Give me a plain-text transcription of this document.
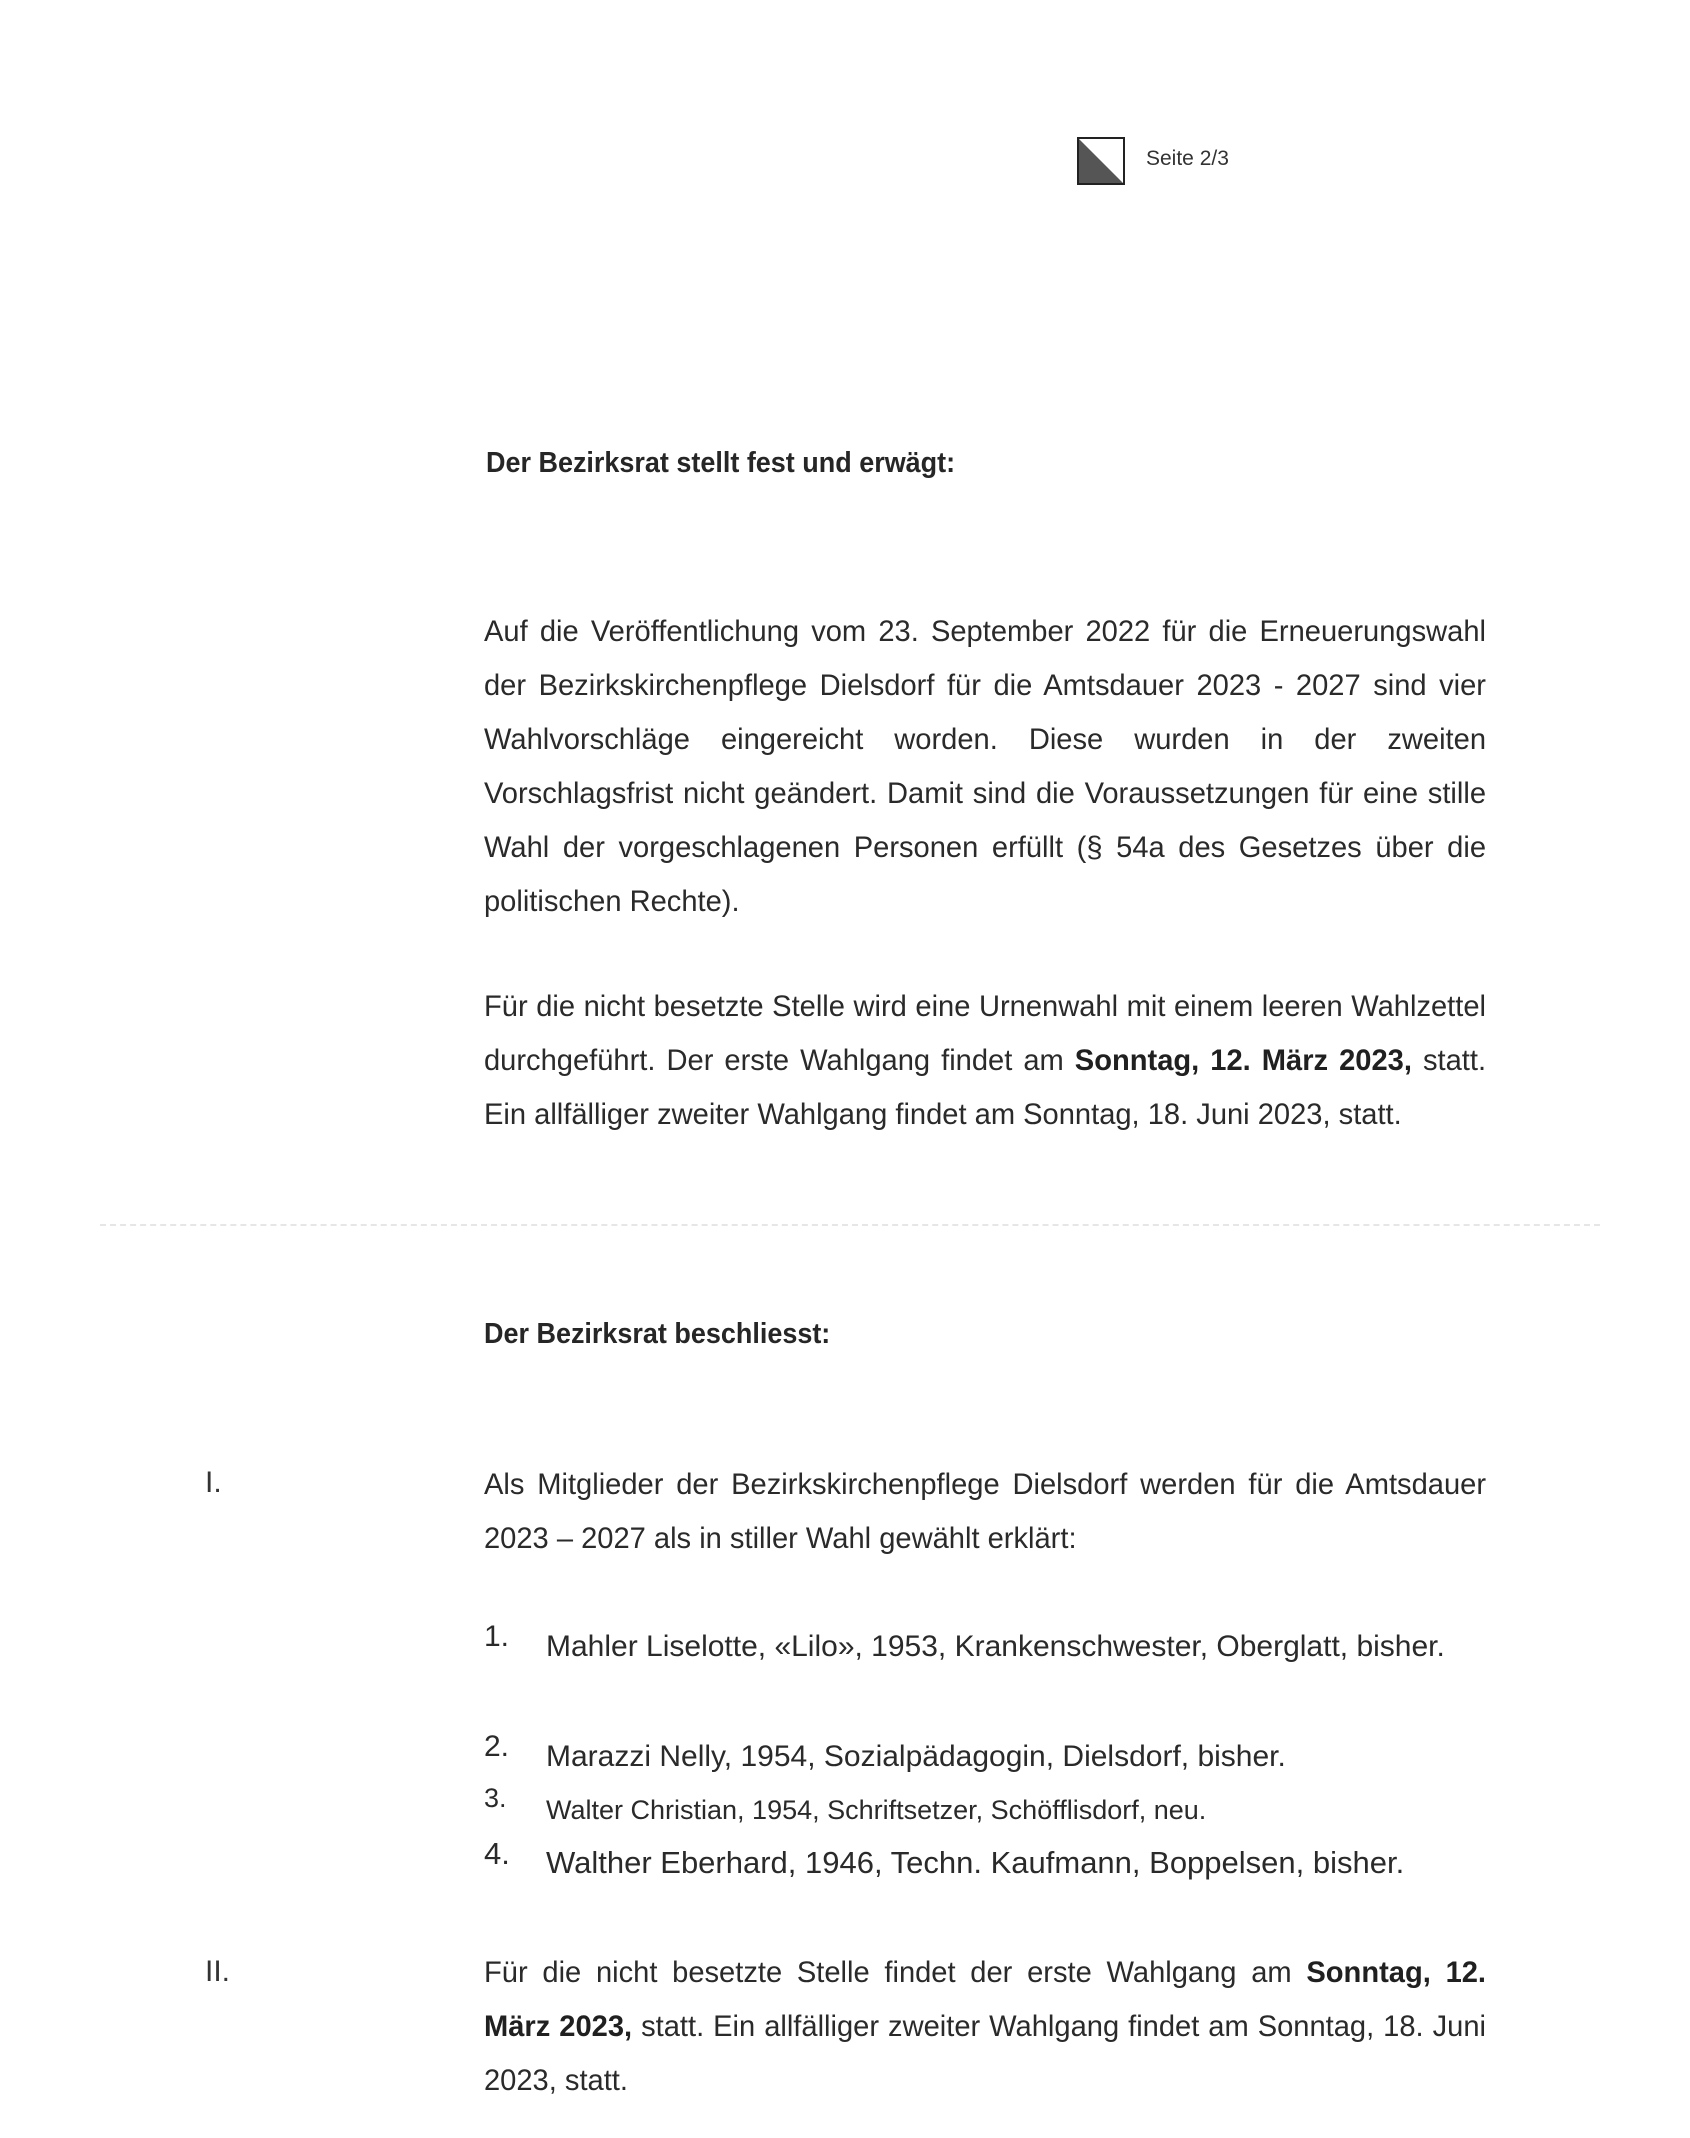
Seite 2/3
Der Bezirksrat stellt fest und erwägt:
Auf die Veröffentlichung vom 23. September 2022 für die Erneuerungswahl der Bezirkskirchenpflege Dielsdorf für die Amtsdauer 2023 - 2027 sind vier Wahlvorschläge eingereicht worden. Diese wurden in der zweiten Vorschlagsfrist nicht geändert. Damit sind die Voraussetzungen für eine stille Wahl der vorgeschlagenen Personen erfüllt (§ 54a des Gesetzes über die politischen Rechte).
Für die nicht besetzte Stelle wird eine Urnenwahl mit einem leeren Wahlzettel durchgeführt. Der erste Wahlgang findet am Sonntag, 12. März 2023, statt. Ein allfälliger zweiter Wahlgang findet am Sonntag, 18. Juni 2023, statt.
Der Bezirksrat beschliesst:
I.	Als Mitglieder der Bezirkskirchenpflege Dielsdorf werden für die Amtsdauer 2023 – 2027 als in stiller Wahl gewählt erklärt:
1.	Mahler Liselotte, «Lilo», 1953, Krankenschwester, Oberglatt, bisher.
2.	Marazzi Nelly, 1954, Sozialpädagogin, Dielsdorf, bisher.
3.	Walter Christian, 1954, Schriftsetzer, Schöfflisdorf, neu.
4.	Walther Eberhard, 1946, Techn. Kaufmann, Boppelsen, bisher.
II.	Für die nicht besetzte Stelle findet der erste Wahlgang am Sonntag, 12. März 2023, statt. Ein allfälliger zweiter Wahlgang findet am Sonntag, 18. Juni 2023, statt.
